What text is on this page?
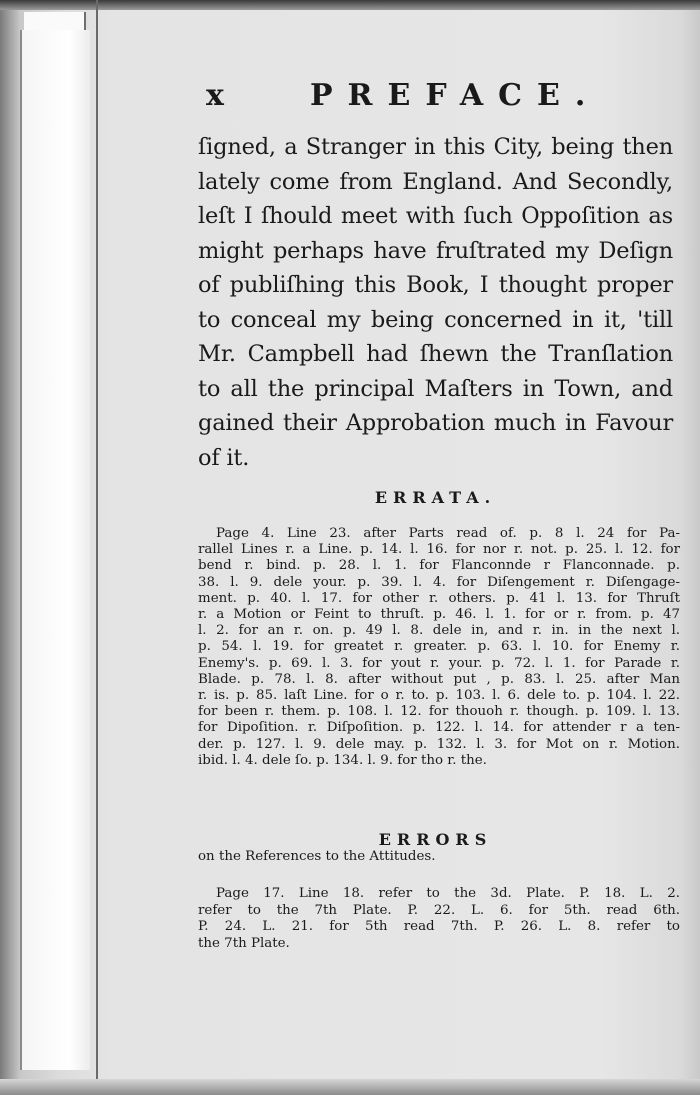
x	PREFACE.
ſigned, a Stranger in this City, being then
lately come from England. And Secondly,
leſt I ſhould meet with ſuch Oppoſition as
might perhaps have fruſtrated my Deſign
of publiſhing this Book, I thought proper
to conceal my being concerned in it, 'till
Mr. Campbell had ſhewn the Tranſlation
to all the principal Maſters in Town, and
gained their Approbation much in Favour
of it.
ERRATA.
Page 4. Line 23. after Parts read of. p. 8 l. 24 for Pa-
rallel Lines r. a Line. p. 14. l. 16. for nor r. not. p. 25. l. 12. for
bend r. bind. p. 28. l. 1. for Flanconnde r Flanconnade. p.
38. l. 9. dele your. p. 39. l. 4. for Diſengement r. Diſengage-
ment. p. 40. l. 17. for other r. others. p. 41 l. 13. for Thruſt
r. a Motion or Feint to thruſt. p. 46. l. 1. for or r. from. p. 47
l. 2. for an r. on. p. 49 l. 8. dele in, and r. in. in the next l.
p. 54. l. 19. for greatet r. greater. p. 63. l. 10. for Enemy r.
Enemy's. p. 69. l. 3. for yout r. your. p. 72. l. 1. for Parade r.
Blade. p. 78. l. 8. after without put , p. 83. l. 25. after Man
r. is. p. 85. laſt Line. for o r. to. p. 103. l. 6. dele to. p. 104. l. 22.
for been r. them. p. 108. l. 12. for thouoh r. though. p. 109. l. 13.
for Dipoſition. r. Diſpoſition. p. 122. l. 14. for attender r a ten-
der. p. 127. l. 9. dele may. p. 132. l. 3. for Mot on r. Motion.
ibid. l. 4. dele ſo. p. 134. l. 9. for tho r. the.
ERRORS
on the References to the Attitudes.
Page 17. Line 18. refer to the 3d. Plate. P. 18. L. 2.
refer to the 7th Plate. P. 22. L. 6. for 5th. read 6th.
P. 24. L. 21. for 5th read 7th. P. 26. L. 8. refer to
the 7th Plate.
